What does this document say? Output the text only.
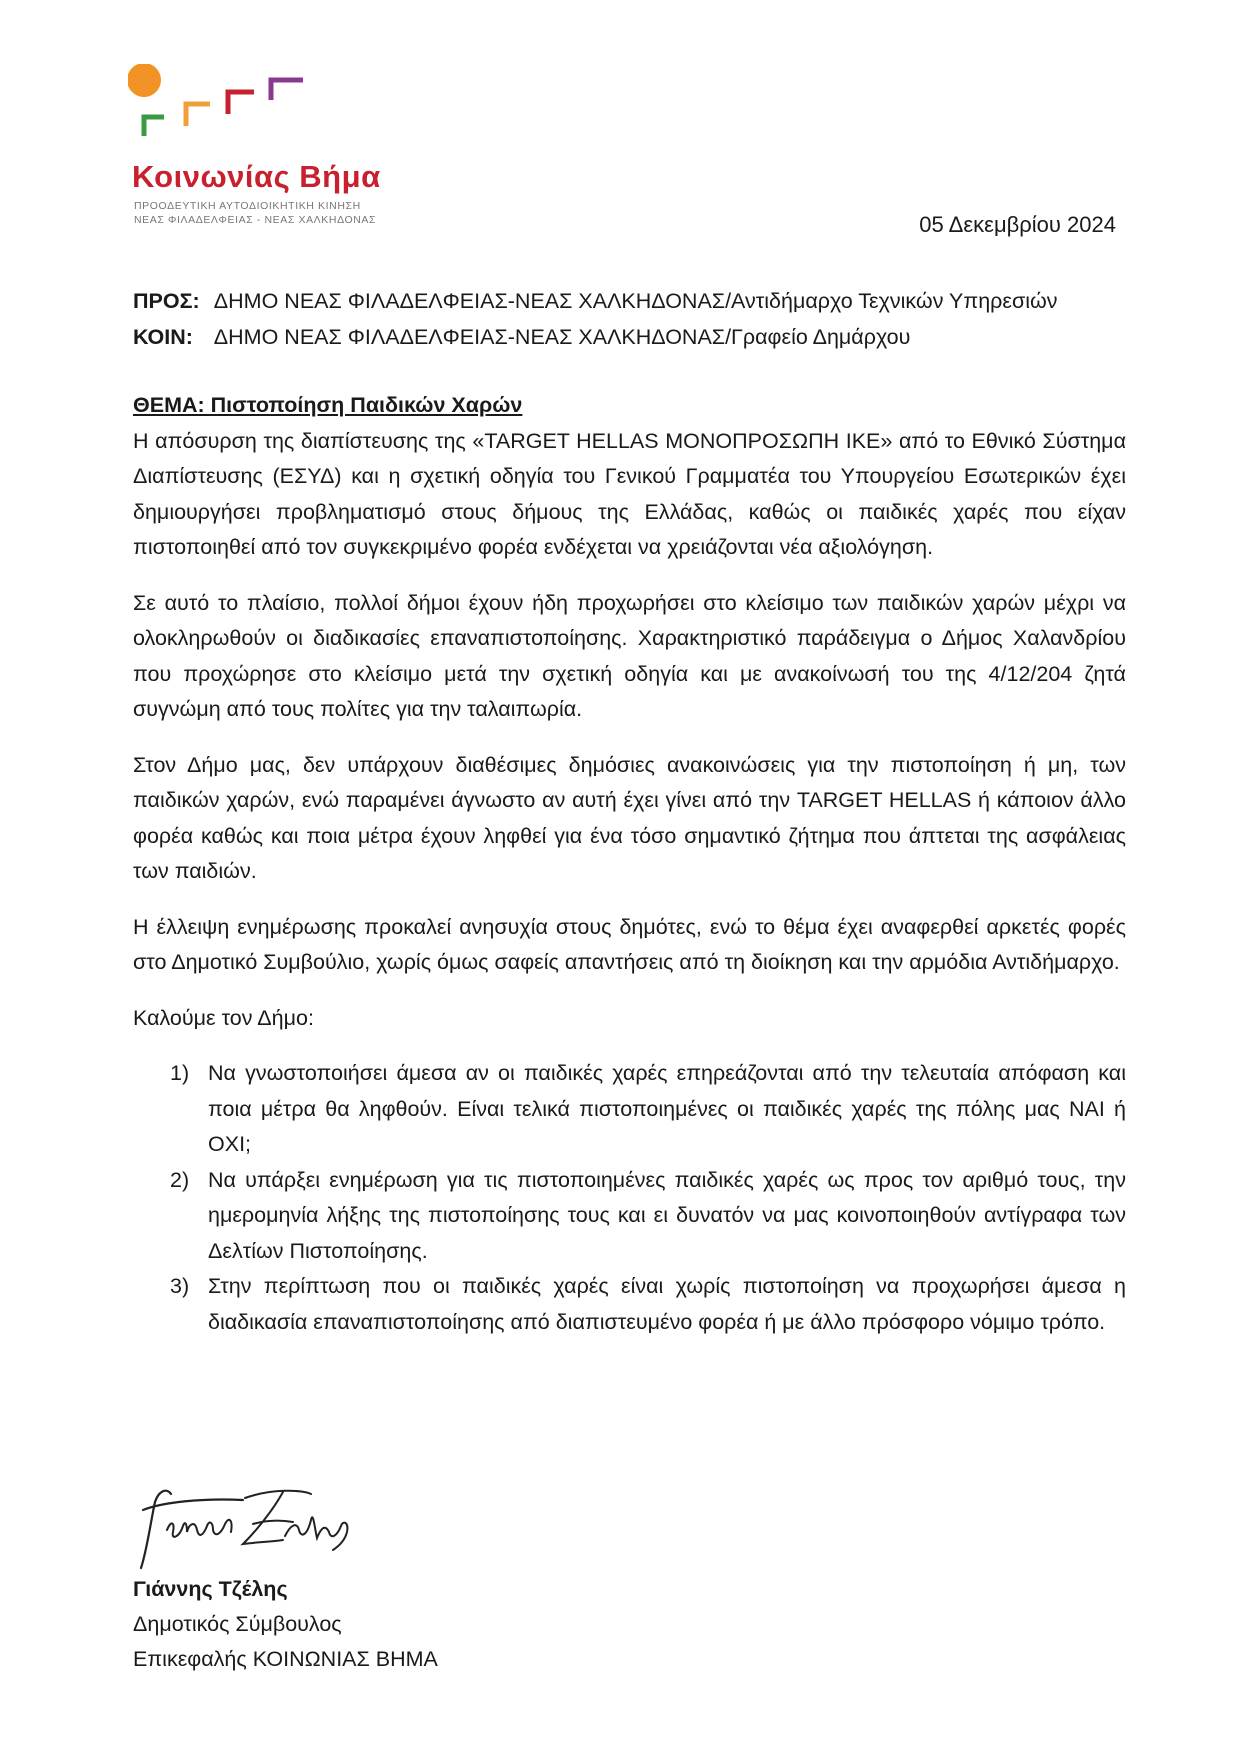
Κοινωνίας Βήμα
ΠΡΟΟΔΕΥΤΙΚΗ ΑΥΤΟΔΙΟΙΚΗΤΙΚΗ ΚΙΝΗΣΗ
ΝΕΑΣ ΦΙΛΑΔΕΛΦΕΙΑΣ - ΝΕΑΣ ΧΑΛΚΗΔΟΝΑΣ	05 Δεκεμβρίου 2024
ΠΡΟΣ: ΔΗΜΟ ΝΕΑΣ ΦΙΛΑΔΕΛΦΕΙΑΣ-ΝΕΑΣ ΧΑΛΚΗΔΟΝΑΣ/Αντιδήμαρχο Τεχνικών Υπηρεσιών
ΚΟΙΝ: ΔΗΜΟ ΝΕΑΣ ΦΙΛΑΔΕΛΦΕΙΑΣ-ΝΕΑΣ ΧΑΛΚΗΔΟΝΑΣ/Γραφείο Δημάρχου

ΘΕΜΑ: Πιστοποίηση Παιδικών Χαρών

Η απόσυρση της διαπίστευσης της «TARGET HELLAS ΜΟΝΟΠΡΟΣΩΠΗ ΙΚΕ» από το Εθνικό Σύστημα Διαπίστευσης (ΕΣΥΔ) και η σχετική οδηγία του Γενικού Γραμματέα του Υπουργείου Εσωτερικών έχει δημιουργήσει προβληματισμό στους δήμους της Ελλάδας, καθώς οι παιδικές χαρές που είχαν πιστοποιηθεί από τον συγκεκριμένο φορέα ενδέχεται να χρειάζονται νέα αξιολόγηση.

Σε αυτό το πλαίσιο, πολλοί δήμοι έχουν ήδη προχωρήσει στο κλείσιμο των παιδικών χαρών μέχρι να ολοκληρωθούν οι διαδικασίες επαναπιστοποίησης. Χαρακτηριστικό παράδειγμα ο Δήμος Χαλανδρίου που προχώρησε στο κλείσιμο μετά την σχετική οδηγία και με ανακοίνωσή του της 4/12/204 ζητά συγνώμη από τους πολίτες για την ταλαιπωρία.

Στον Δήμο μας, δεν υπάρχουν διαθέσιμες δημόσιες ανακοινώσεις για την πιστοποίηση ή μη, των παιδικών χαρών, ενώ παραμένει άγνωστο αν αυτή έχει γίνει από την TARGET HELLAS ή κάποιον άλλο φορέα καθώς και ποια μέτρα έχουν ληφθεί για ένα τόσο σημαντικό ζήτημα που άπτεται της ασφάλειας των παιδιών.

Η έλλειψη ενημέρωσης προκαλεί ανησυχία στους δημότες, ενώ το θέμα έχει αναφερθεί αρκετές φορές στο Δημοτικό Συμβούλιο, χωρίς όμως σαφείς απαντήσεις από τη διοίκηση και την αρμόδια Αντιδήμαρχο.

Καλούμε τον Δήμο:

1) Να γνωστοποιήσει άμεσα αν οι παιδικές χαρές επηρεάζονται από την τελευταία απόφαση και ποια μέτρα θα ληφθούν. Είναι τελικά πιστοποιημένες οι παιδικές χαρές της πόλης μας ΝΑΙ ή ΟΧΙ;
2) Να υπάρξει ενημέρωση για τις πιστοποιημένες παιδικές χαρές ως προς τον αριθμό τους, την ημερομηνία λήξης της πιστοποίησης τους και ει δυνατόν να μας κοινοποιηθούν αντίγραφα των Δελτίων Πιστοποίησης.
3) Στην περίπτωση που οι παιδικές χαρές είναι χωρίς πιστοποίηση να προχωρήσει άμεσα η διαδικασία επαναπιστοποίησης από διαπιστευμένο φορέα ή με άλλο πρόσφορο νόμιμο τρόπο.
Γιάννης Τζέλης
Δημοτικός Σύμβουλος
Επικεφαλής ΚΟΙΝΩΝΙΑΣ ΒΗΜΑ
